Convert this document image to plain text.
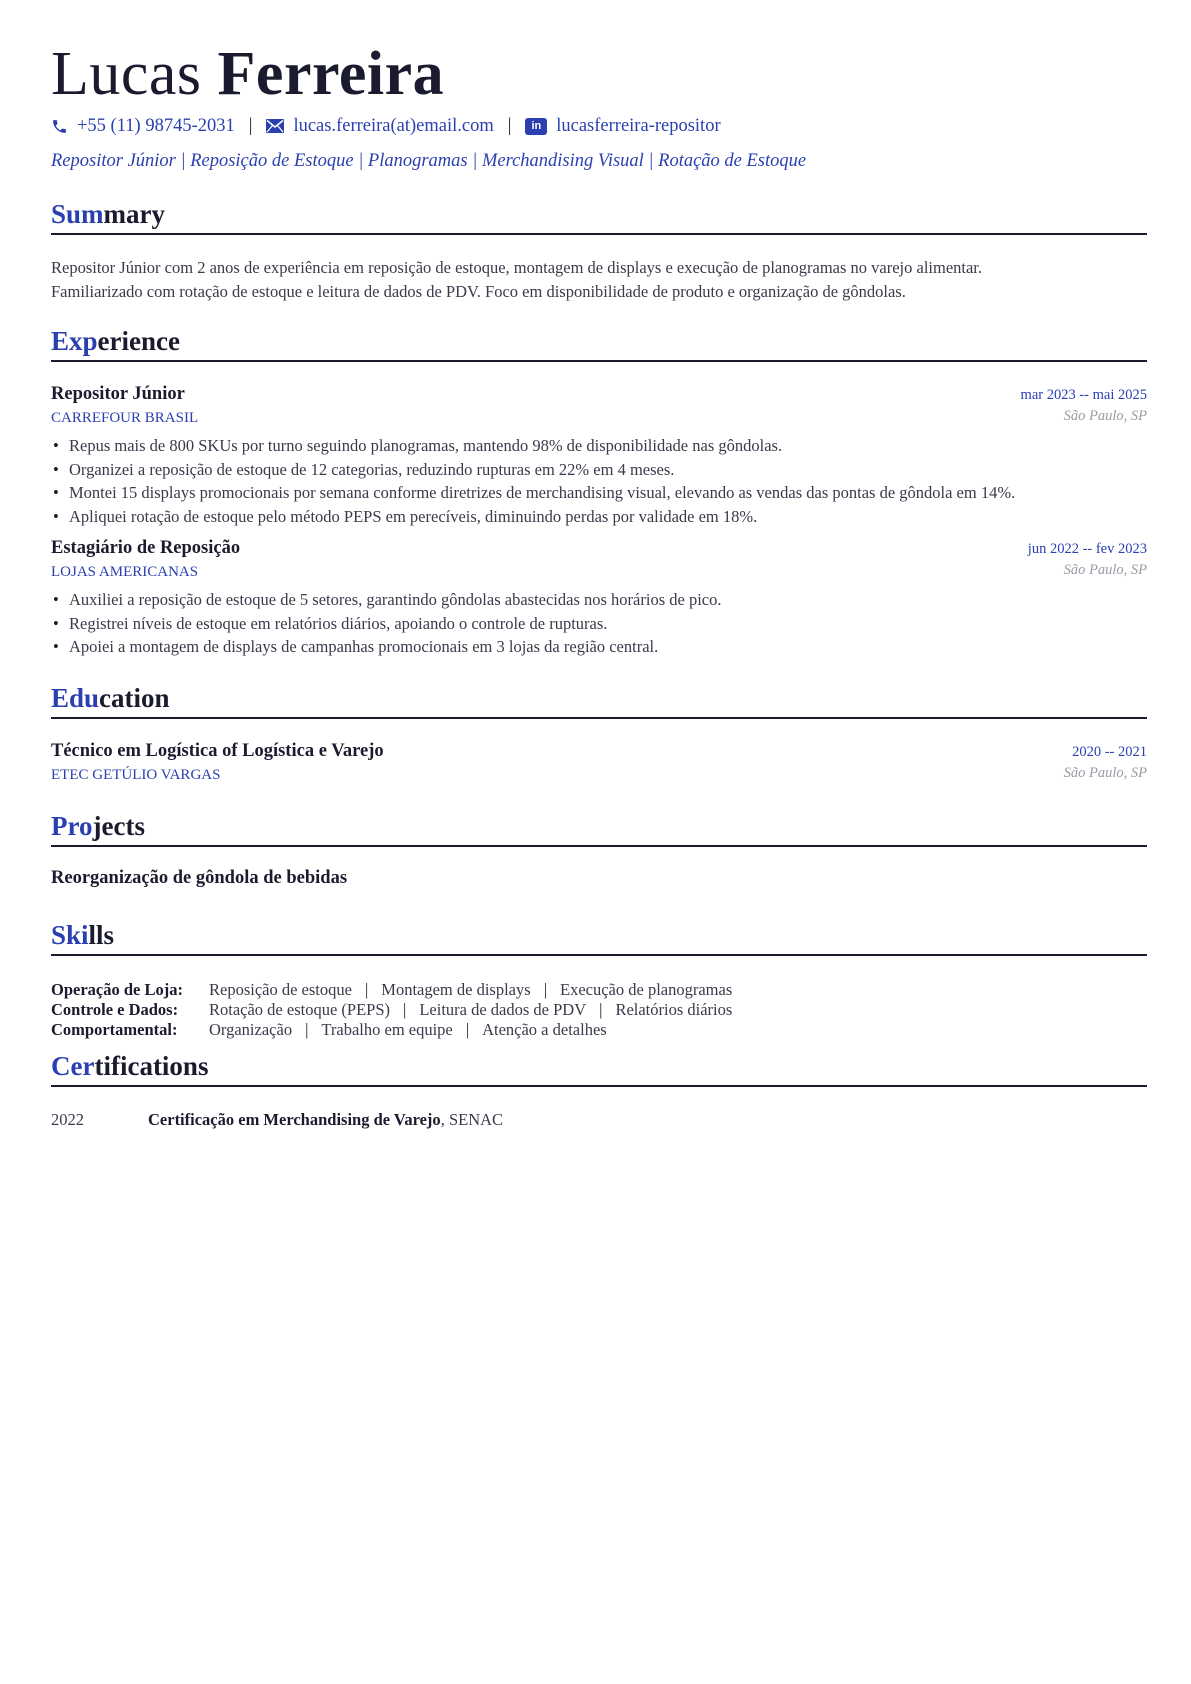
Lucas Ferreira
+55 (11) 98745-2031 | lucas.ferreira(at)email.com |	in lucasferreira-repositor
Repositor Júnior | Reposição de Estoque | Planogramas | Merchandising Visual | Rotação de Estoque
Summary
Repositor Júnior com 2 anos de experiência em reposição de estoque, montagem de displays e execução de planogramas no varejo alimentar.
Familiarizado com rotação de estoque e leitura de dados de PDV. Foco em disponibilidade de produto e organização de gôndolas.
Experience
Repositor Júnior
CARREFOUR BRASIL
mar 2023 -- mai 2025
São Paulo, SP
• Repus mais de 800 SKUs por turno seguindo planogramas, mantendo 98% de disponibilidade nas gôndolas.
• Organizei a reposição de estoque de 12 categorias, reduzindo rupturas em 22% em 4 meses.
• Montei 15 displays promocionais por semana conforme diretrizes de merchandising visual, elevando as vendas das pontas de gôndola em 14%.
• Apliquei rotação de estoque pelo método PEPS em perecíveis, diminuindo perdas por validade em 18%.
Estagiário de Reposição
LOJAS AMERICANAS
jun 2022 -- fev 2023
São Paulo, SP
• Auxiliei a reposição de estoque de 5 setores, garantindo gôndolas abastecidas nos horários de pico.
• Registrei níveis de estoque em relatórios diários, apoiando o controle de rupturas.
• Apoiei a montagem de displays de campanhas promocionais em 3 lojas da região central.
Education
Técnico em Logística of Logística e Varejo
ETEC GETÚLIO VARGAS
2020 -- 2021
São Paulo, SP
Projects
Reorganização de gôndola de bebidas
Skills
Operação de Loja:	Reposição de estoque | Montagem de displays | Execução de planogramas
Controle e Dados:	Rotação de estoque (PEPS) | Leitura de dados de PDV | Relatórios diários
Comportamental:	Organização | Trabalho em equipe | Atenção a detalhes
Certifications
2022	Certificação em Merchandising de Varejo, SENAC
